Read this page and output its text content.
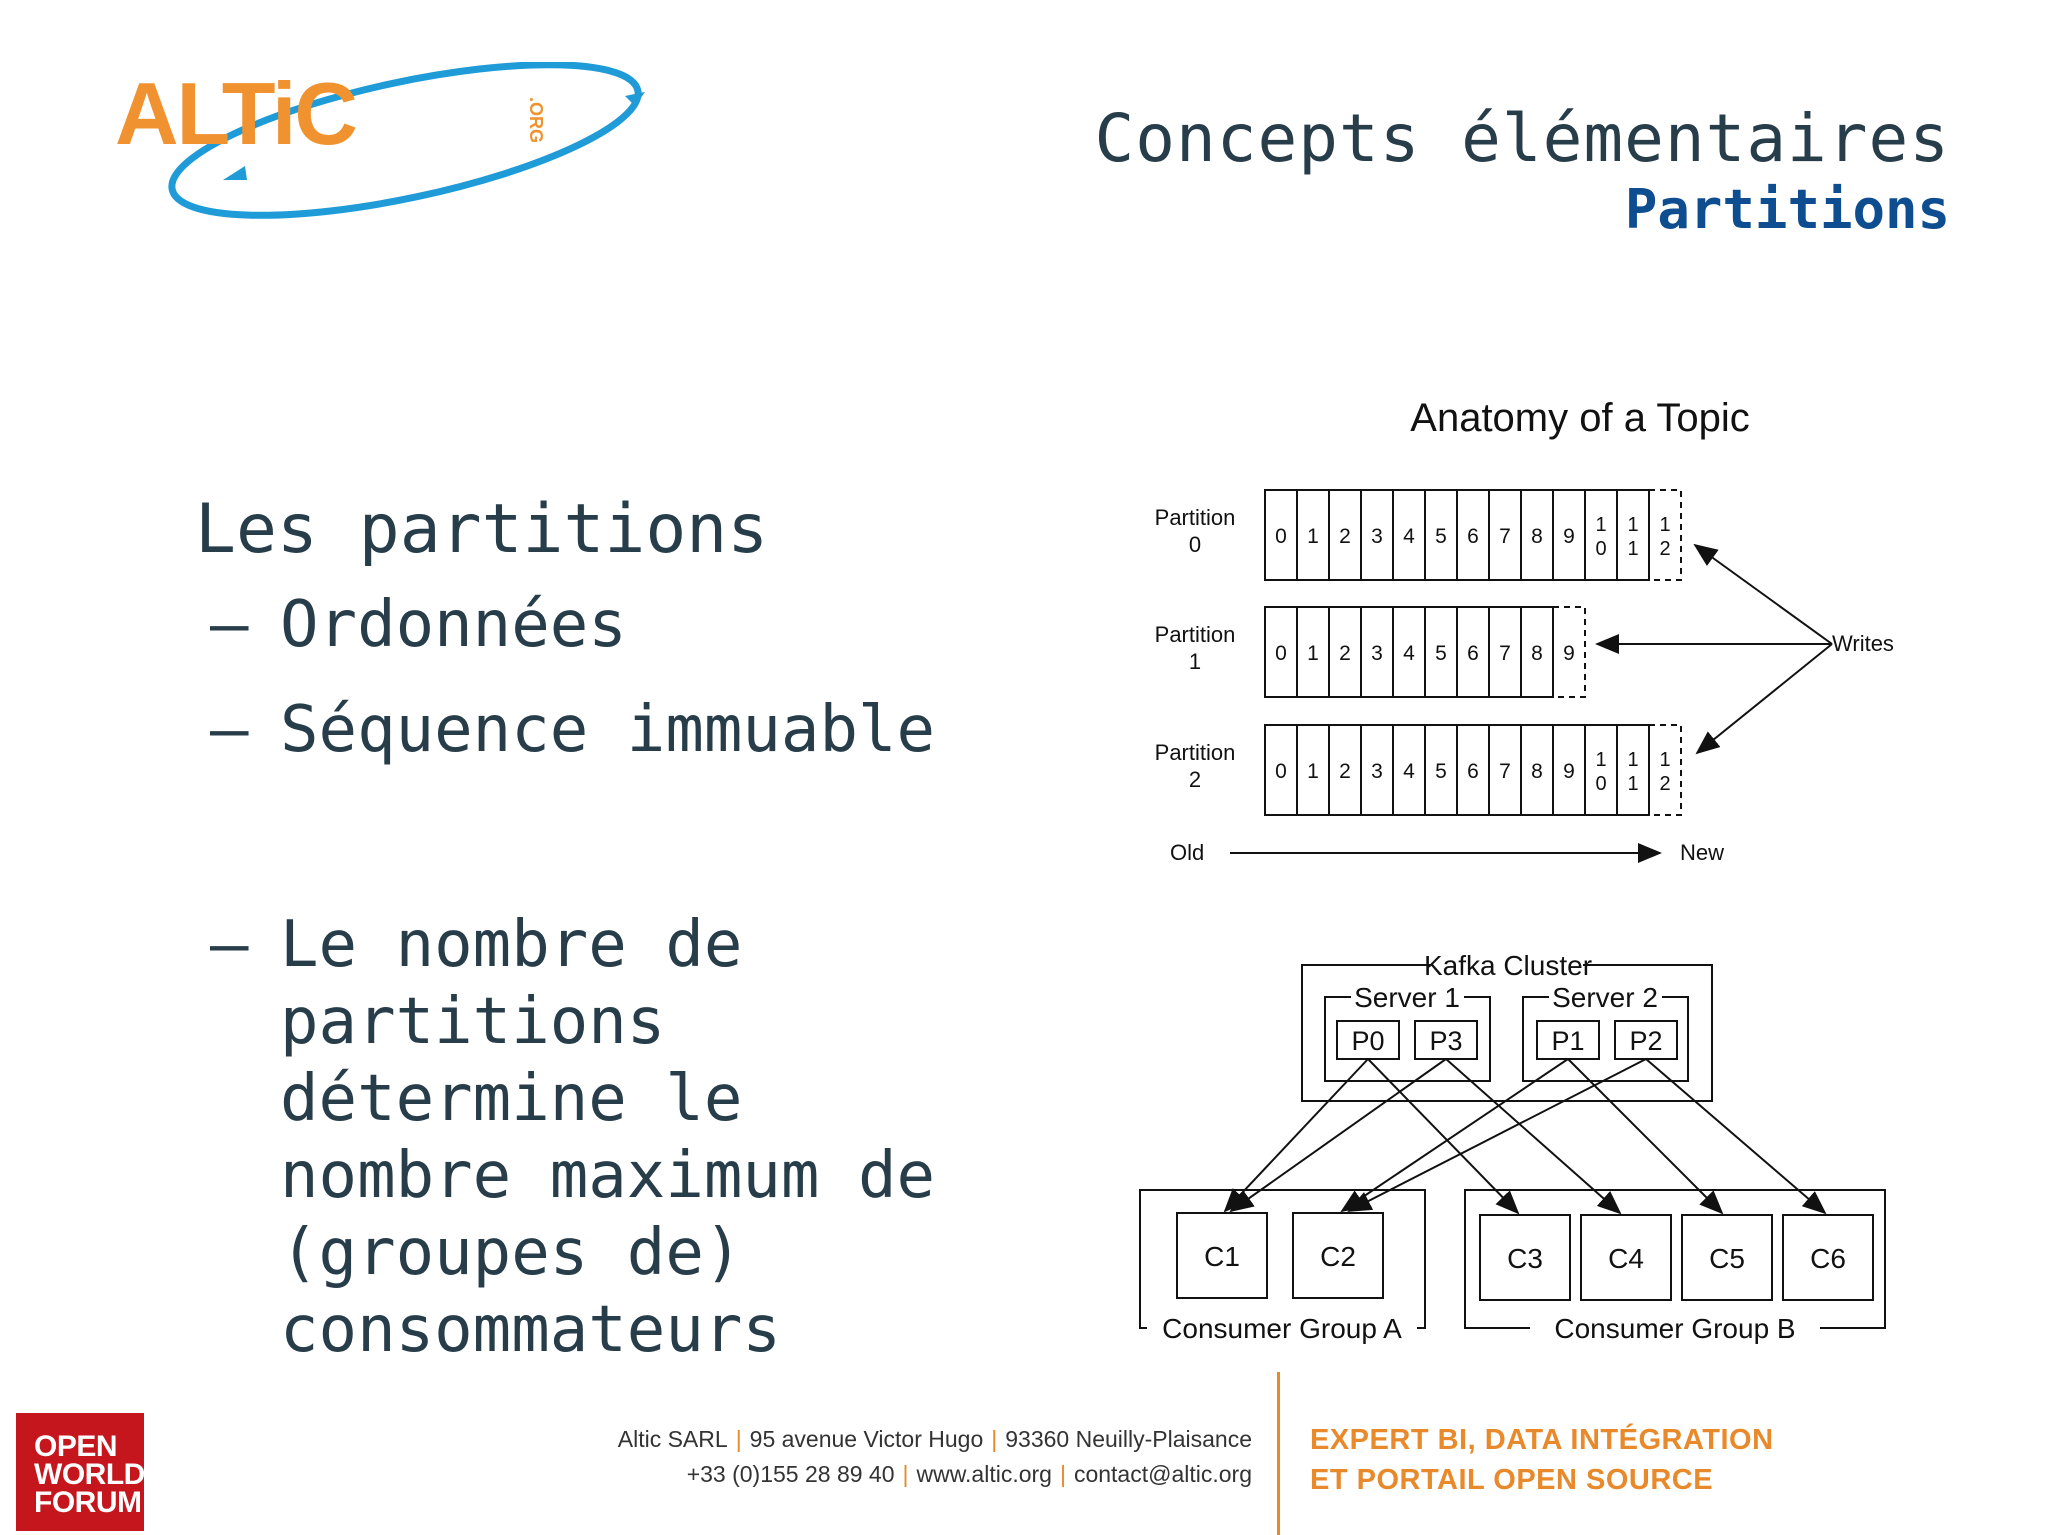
ALTiC	.ORG	Concepts élémentaires
Partitions
Les partitions
– Ordonnées
– Séquence immuable
– Le nombre de
partitions
détermine le
nombre maximum de
(groupes de)
consommateurs
Anatomy of a Topic
Partition
0	0 1 2 3 4 5 6 7 8 9 1
0
1
1
1
2
Partition
1	0 1 2 3 4 5 6 7 8 9
Partition
2	0 1 2 3 4 5 6 7 8 9 1
0
1
1
1
2
Writes
Old	New
Kafka Cluster
Server 1
P0 P3
Server 2
P1 P2
Consumer Group A
C1	C2
Consumer Group B
C3 C4 C5 C6
OPEN
WORLD
FORUM
Altic SARL | 95 avenue Victor Hugo | 93360 Neuilly-Plaisance
+33 (0)155 28 89 40 | www.altic.org | contact@altic.org
EXPERT BI, DATA INTÉGRATION
ET PORTAIL OPEN SOURCE
